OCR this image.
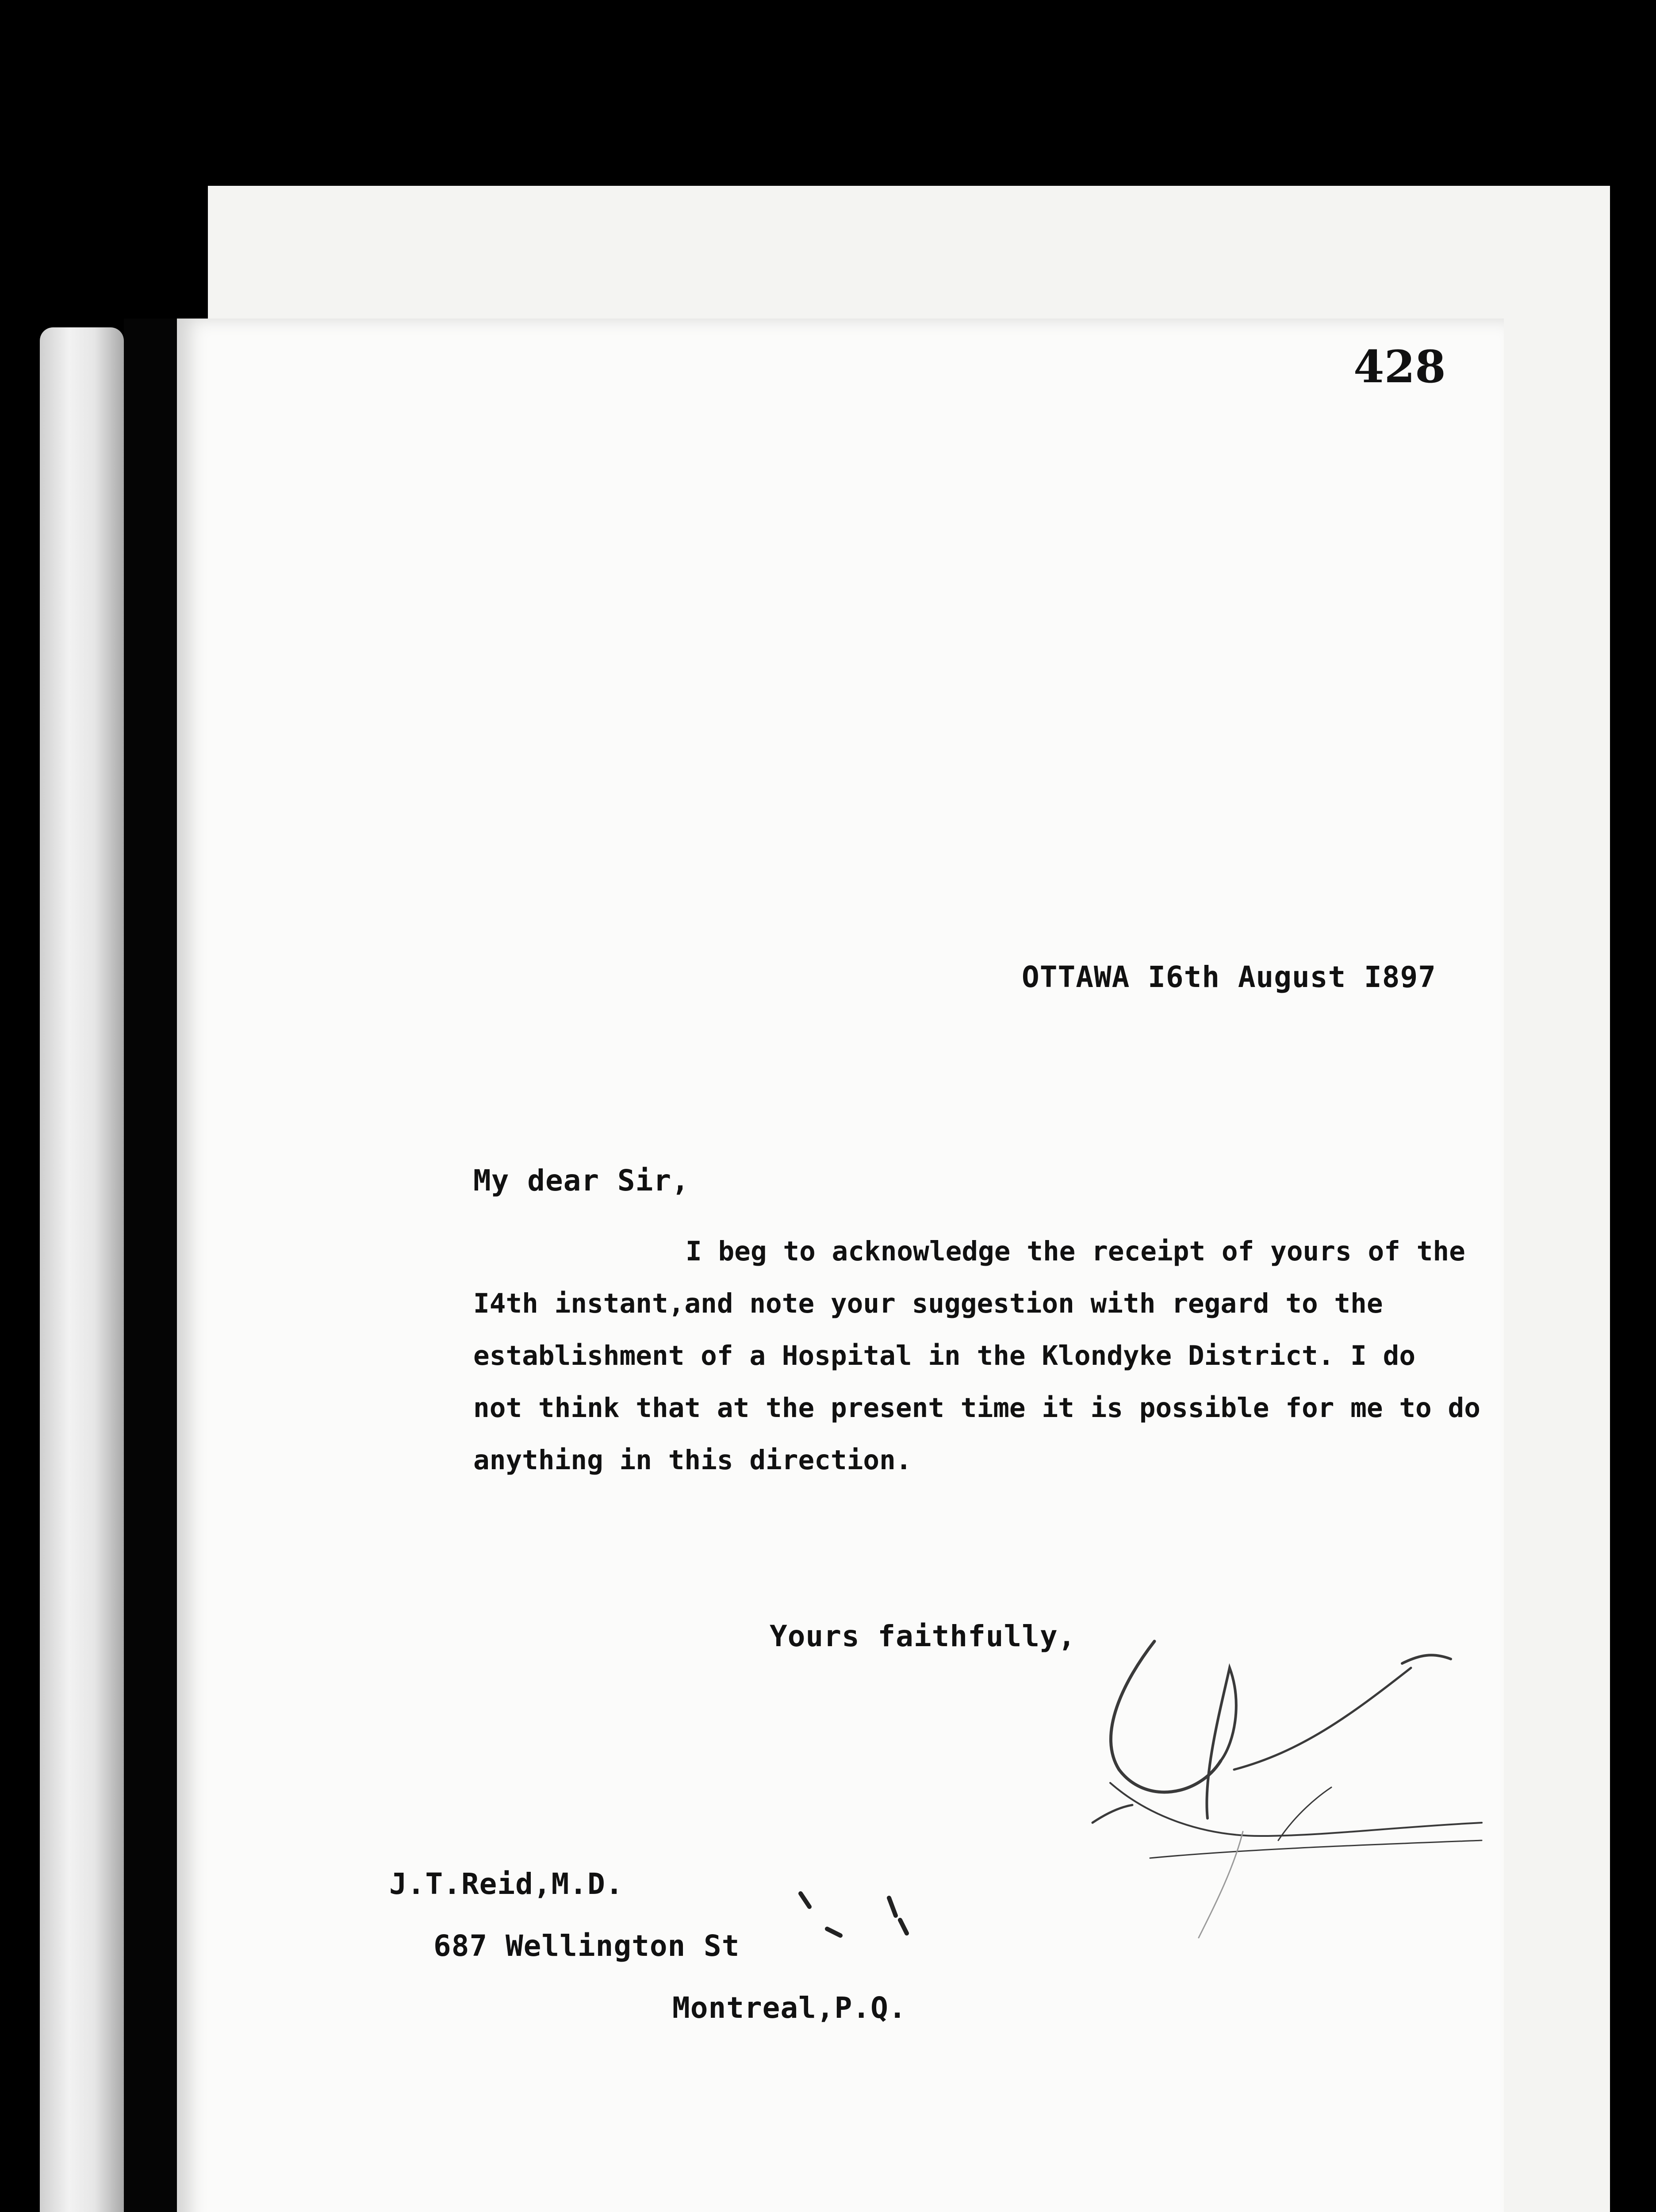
428
OTTAWA I6th August I897
My dear Sir,
I beg to acknowledge the receipt of yours of the
I4th instant,and note your suggestion with regard to the
establishment of a Hospital in the Klondyke District. I do
not think that at the present time it is possible for me to do
anything in this direction.
Yours faithfully,
J.T.Reid,M.D.
687 Wellington St
Montreal,P.Q.
